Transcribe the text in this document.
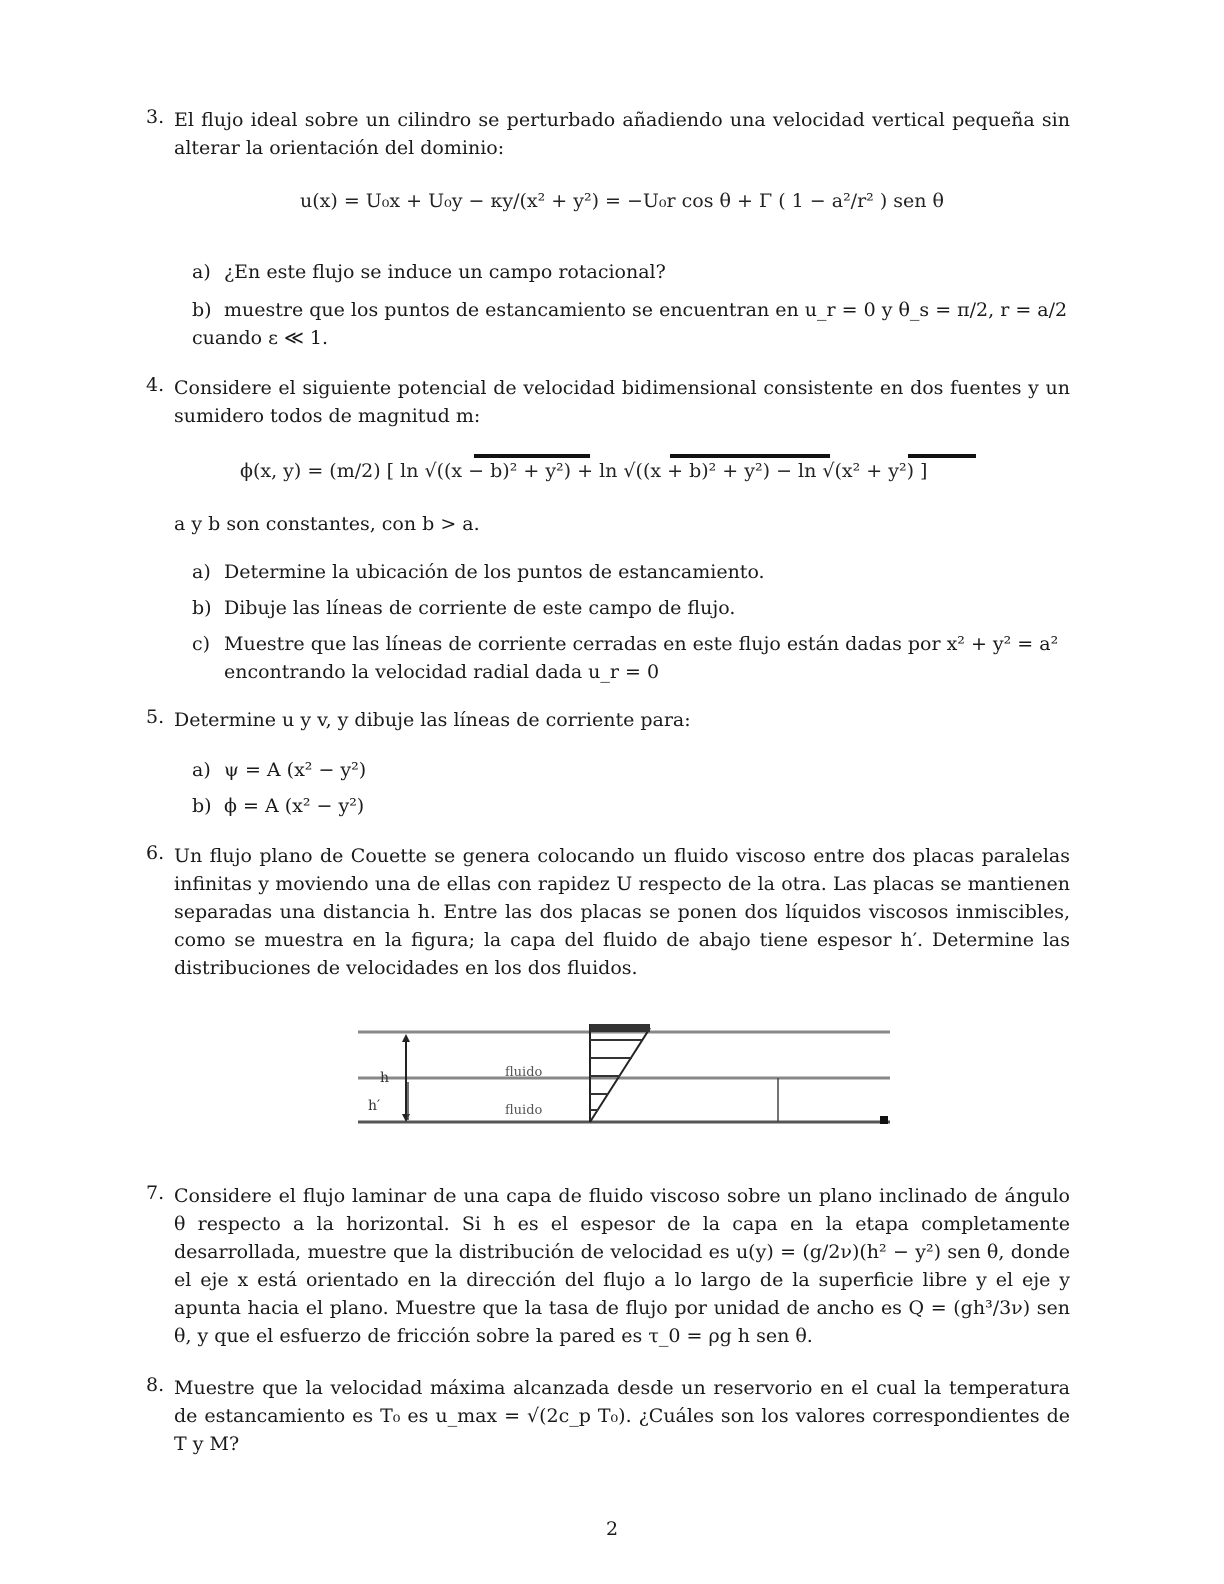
3. El flujo ideal sobre un cilindro se perturbado añadiendo una velocidad vertical pequeña sin alterar la orientación del dominio:
u(x) = U₀x + U₀y − κy/(x² + y²) = −U₀r cos θ + Γ ( 1 − a²/r² ) sen θ
a) ¿En este flujo se induce un campo rotacional?
b) muestre que los puntos de estancamiento se encuentran en u_r = 0 y θ_s = π/2, r = a/2 cuando ε ≪ 1.
4. Considere el siguiente potencial de velocidad bidimensional consistente en dos fuentes y un sumidero todos de magnitud m:
ϕ(x, y) = (m/2) [ ln √((x − b)² + y²) + ln √((x + b)² + y²) − ln √(x² + y²) ]
a y b son constantes, con b > a.
a) Determine la ubicación de los puntos de estancamiento.
b) Dibuje las líneas de corriente de este campo de flujo.
c) Muestre que las líneas de corriente cerradas en este flujo están dadas por x² + y² = a²
encontrando la velocidad radial dada u_r = 0
5. Determine u y v, y dibuje las líneas de corriente para:
a) ψ = A (x² − y²)
b) ϕ = A (x² − y²)
6. Un flujo plano de Couette se genera colocando un fluido viscoso entre dos placas paralelas infinitas y moviendo una de ellas con rapidez U respecto de la otra. Las placas se mantienen separadas una distancia h. Entre las dos placas se ponen dos líquidos viscosos inmiscibles, como se muestra en la figura; la capa del fluido de abajo tiene espesor h′. Determine las distribuciones de velocidades en los dos fluidos.
h
h′
fluido
fluido
7. Considere el flujo laminar de una capa de fluido viscoso sobre un plano inclinado de ángulo θ respecto a la horizontal. Si h es el espesor de la capa en la etapa completamente desarrollada, muestre que la distribución de velocidad es u(y) = (g/2ν)(h² − y²) sen θ, donde el eje x está orientado en la dirección del flujo a lo largo de la superficie libre y el eje y apunta hacia el plano. Muestre que la tasa de flujo por unidad de ancho es Q = (gh³/3ν) sen θ, y que el esfuerzo de fricción sobre la pared es τ_0 = ρg h sen θ.
8. Muestre que la velocidad máxima alcanzada desde un reservorio en el cual la temperatura de estancamiento es T₀ es u_max = √(2c_p T₀). ¿Cuáles son los valores correspondientes de T y M?
2
